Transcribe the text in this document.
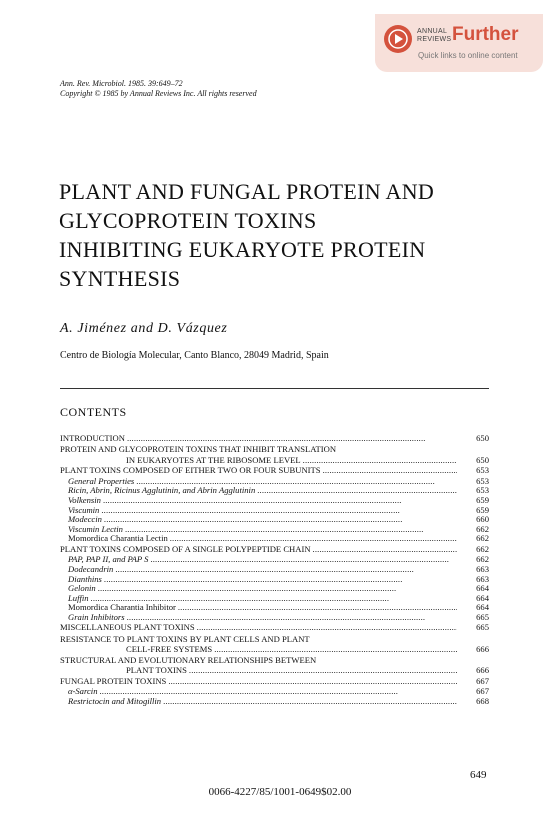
ANNUAL
REVIEWS Further
Quick links to online content
Ann. Rev. Microbiol. 1985. 39:649–72
Copyright © 1985 by Annual Reviews Inc. All rights reserved
PLANT AND FUNGAL PROTEIN AND
GLYCOPROTEIN TOXINS
INHIBITING EUKARYOTE PROTEIN
SYNTHESIS
A. Jiménez and D. Vázquez
Centro de Biología Molecular, Canto Blanco, 28049 Madrid, Spain
CONTENTS
INTRODUCTION . . .	650
PROTEIN AND GLYCOPROTEIN TOXINS THAT INHIBIT TRANSLATION
IN EUKARYOTES AT THE RIBOSOME LEVEL . . .	650
PLANT TOXINS COMPOSED OF EITHER TWO OR FOUR SUBUNITS . . .	653
General Properties . . .	653
Ricin, Abrin, Ricinus Agglutinin, and Abrin Agglutinin . . .	653
Volkensin . . .	659
Viscumin . . .	659
Modeccin . . .	660
Viscumin Lectin . . .	662
Momordica Charantia Lectin . . .	662
PLANT TOXINS COMPOSED OF A SINGLE POLYPEPTIDE CHAIN . . .	662
PAP, PAP II, and PAP S . . .	662
Dodecandrin . . .	663
Dianthins . . .	663
Gelonin . . .	664
Luffin . . .	664
Momordica Charantia Inhibitor . . .	664
Grain Inhibitors . . .	665
MISCELLANEOUS PLANT TOXINS . . .	665
RESISTANCE TO PLANT TOXINS BY PLANT CELLS AND PLANT
CELL-FREE SYSTEMS . . .	666
STRUCTURAL AND EVOLUTIONARY RELATIONSHIPS BETWEEN
PLANT TOXINS . . .	666
FUNGAL PROTEIN TOXINS . . .	667
α-Sarcin . . .	667
Restrictocin and Mitogillin . . .	668
649
0066-4227/85/1001-0649$02.00
